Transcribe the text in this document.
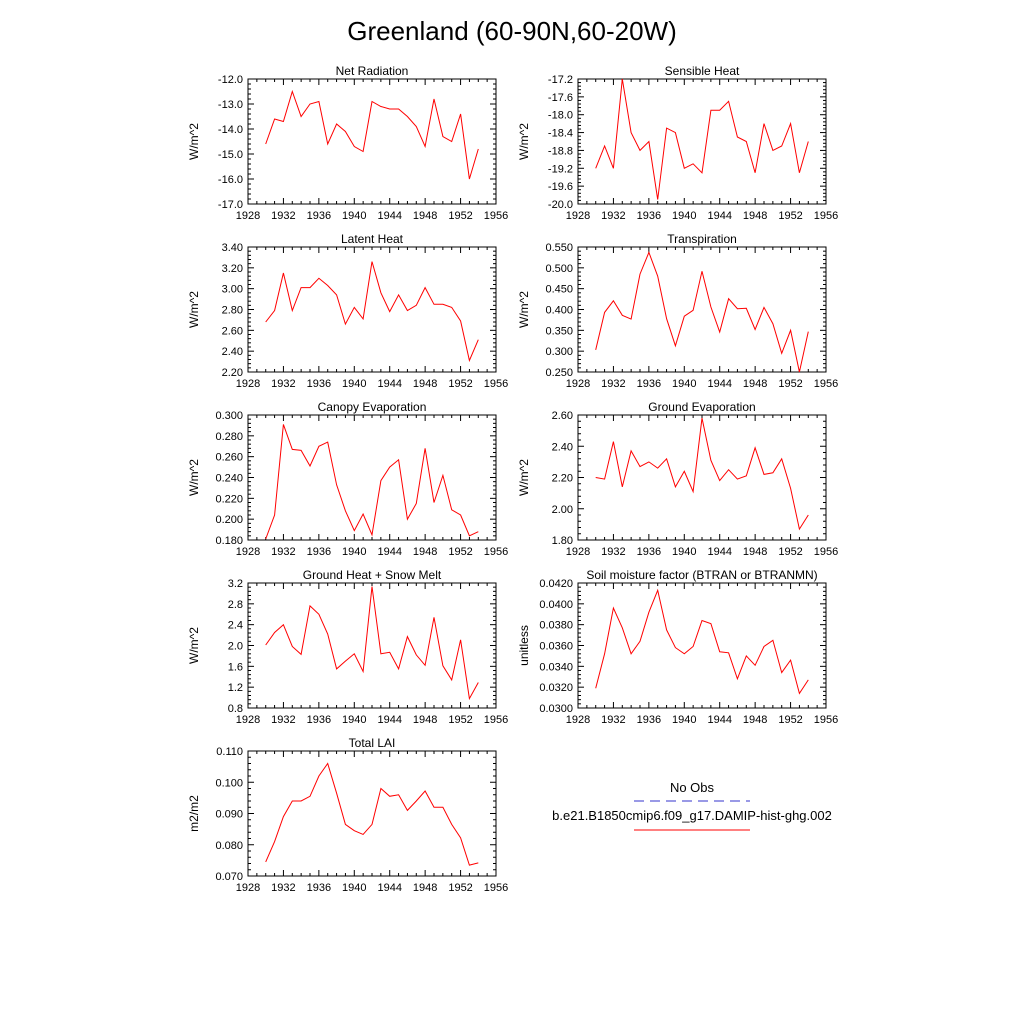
Greenland (60-90N,60-20W)
No Obs
b.e21.B1850cmip6.f09_g17.DAMIP-hist-ghg.002
Net Radiation
W/m^2
1928 1932 1936 1940 1944 1948 1952 1956
-12.0
-13.0
-14.0
-15.0
-16.0
-17.0
Sensible Heat
W/m^2
1928 1932 1936 1940 1944 1948 1952 1956
-17.2
-17.6
-18.0
-18.4
-18.8
-19.2
-19.6
-20.0
Latent Heat
W/m^2
1928 1932 1936 1940 1944 1948 1952 1956
3.40
3.20
3.00
2.80
2.60
2.40
2.20
Transpiration
W/m^2
1928 1932 1936 1940 1944 1948 1952 1956
0.550
0.500
0.450
0.400
0.350
0.300
0.250
Canopy Evaporation
W/m^2
1928 1932 1936 1940 1944 1948 1952 1956
0.300
0.280
0.260
0.240
0.220
0.200
0.180
Ground Evaporation
W/m^2
1928 1932 1936 1940 1944 1948 1952 1956
2.60
2.40
2.20
2.00
1.80
Ground Heat + Snow Melt
W/m^2
1928 1932 1936 1940 1944 1948 1952 1956
3.2
2.8
2.4
2.0
1.6
1.2
0.8
Soil moisture factor (BTRAN or BTRANMN)
unitless
1928 1932 1936 1940 1944 1948 1952 1956
0.0420
0.0400
0.0380
0.0360
0.0340
0.0320
0.0300
Total LAI
m2/m2
1928 1932 1936 1940 1944 1948 1952 1956
0.110
0.100
0.090
0.080
0.070
